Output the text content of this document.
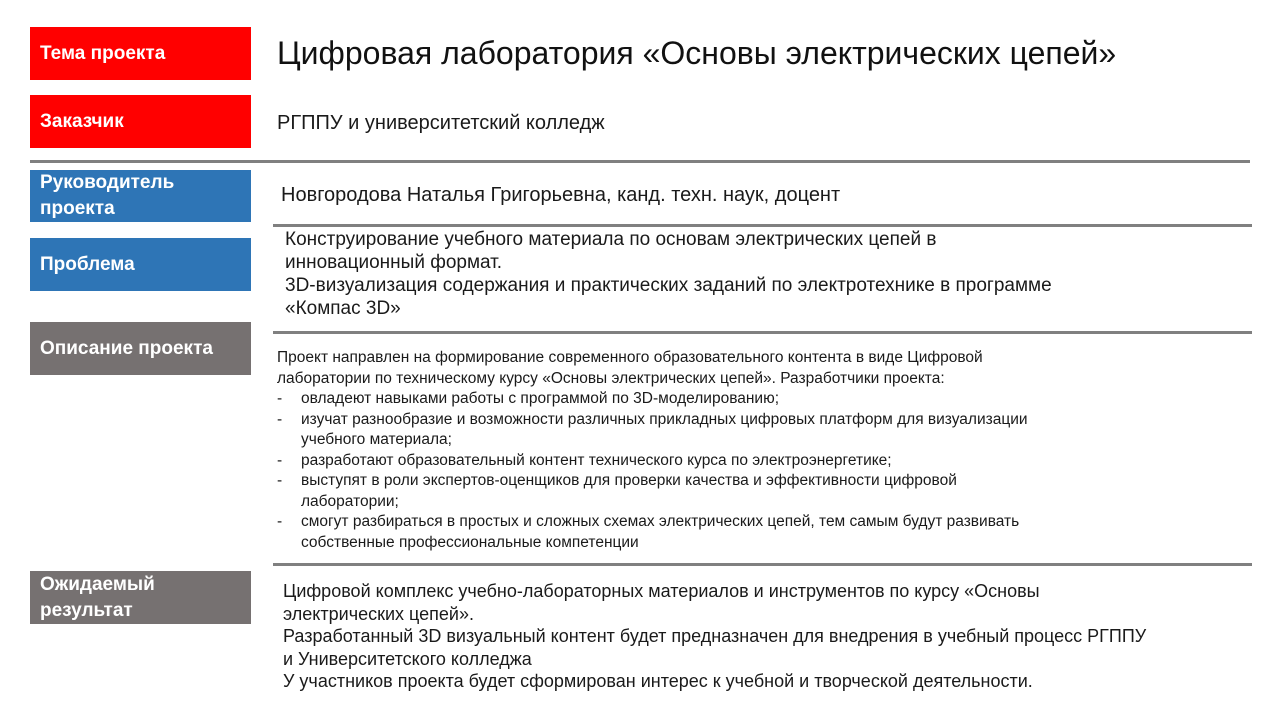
Тема проекта
Заказчик
Руководитель проекта
Проблема
Описание проекта
Ожидаемый результат
Цифровая лаборатория «Основы электрических цепей»
РГППУ и университетский колледж
Новгородова Наталья Григорьевна, канд. техн. наук, доцент
Конструирование учебного материала по основам электрических цепей в
инновационный формат.
3D-визуализация содержания и практических заданий по электротехнике в программе
«Компас 3D»
Проект направлен на формирование современного образовательного контента в виде Цифровой
лаборатории по техническому курсу «Основы электрических цепей». Разработчики проекта:
- овладеют навыками работы с программой по 3D-моделированию;
- изучат разнообразие и возможности различных прикладных цифровых платформ для визуализации
учебного материала;
- разработают образовательный контент технического курса по электроэнергетике;
- выступят в роли экспертов-оценщиков для проверки качества и эффективности цифровой
лаборатории;
- смогут разбираться в простых и сложных схемах электрических цепей, тем самым будут развивать
собственные профессиональные компетенции
Цифровой комплекс учебно-лабораторных материалов и инструментов по курсу «Основы
электрических цепей».
Разработанный 3D визуальный контент будет предназначен для внедрения в учебный процесс РГППУ
и Университетского колледжа
У участников проекта будет сформирован интерес к учебной и творческой деятельности.
